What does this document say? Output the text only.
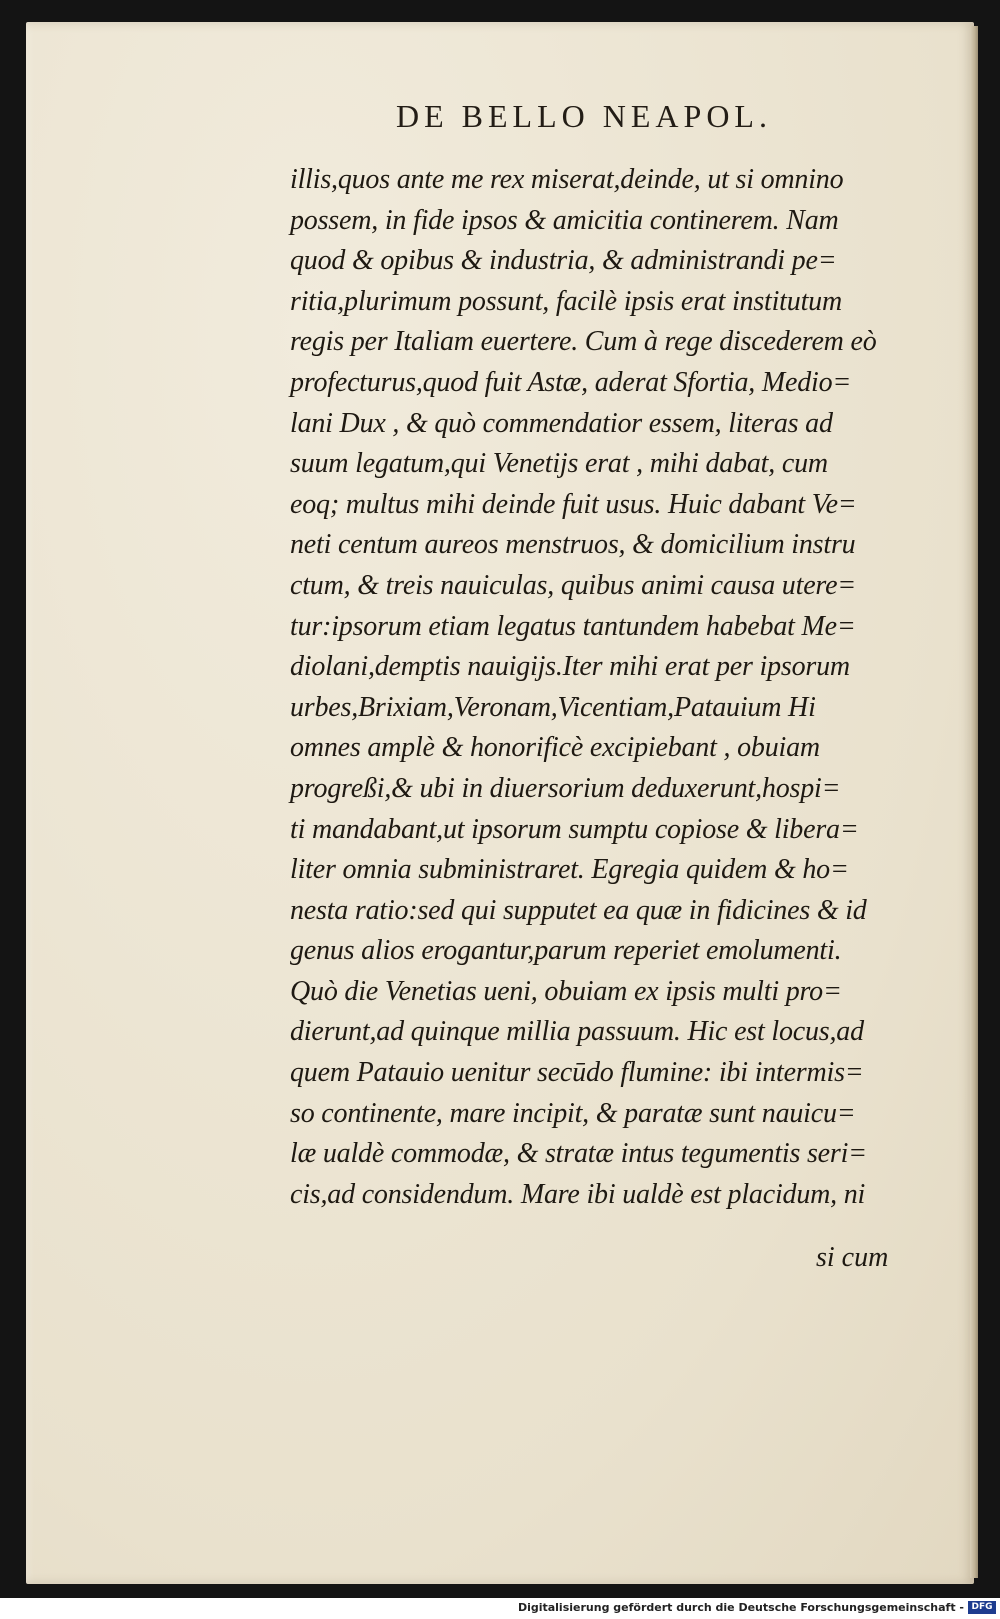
DE BELLO NEAPOL.
illis,quos ante me rex miserat,deinde, ut si omnino
possem, in fide ipsos & amicitia continerem. Nam
quod & opibus & industria, & administrandi pe=
ritia,plurimum possunt, facilè ipsis erat institutum
regis per Italiam euertere. Cum à rege discederem eò
profecturus,quod fuit Astæ, aderat Sfortia, Medio=
lani Dux , & quò commendatior essem, literas ad
suum legatum,qui Venetijs erat , mihi dabat, cum
eoq; multus mihi deinde fuit usus. Huic dabant Ve=
neti centum aureos menstruos, & domicilium instru
ctum, & treis nauiculas, quibus animi causa utere=
tur:ipsorum etiam legatus tantundem habebat Me=
diolani,demptis nauigijs.Iter mihi erat per ipsorum
urbes,Brixiam,Veronam,Vicentiam,Patauium Hi
omnes amplè & honorificè excipiebant , obuiam
progreßi,& ubi in diuersorium deduxerunt,hospi=
ti mandabant,ut ipsorum sumptu copiose & libera=
liter omnia subministraret. Egregia quidem & ho=
nesta ratio:sed qui supputet ea quæ in fidicines & id
genus alios erogantur,parum reperiet emolumenti.
Quò die Venetias ueni, obuiam ex ipsis multi pro=
dierunt,ad quinque millia passuum. Hic est locus,ad
quem Patauio uenitur secūdo flumine: ibi intermis=
so continente, mare incipit, & paratæ sunt nauicu=
læ ualdè commodæ, & stratæ intus tegumentis seri=
cis,ad considendum. Mare ibi ualdè est placidum, ni
si cum
Digitalisierung gefördert durch die Deutsche Forschungsgemeinschaft - DFG
